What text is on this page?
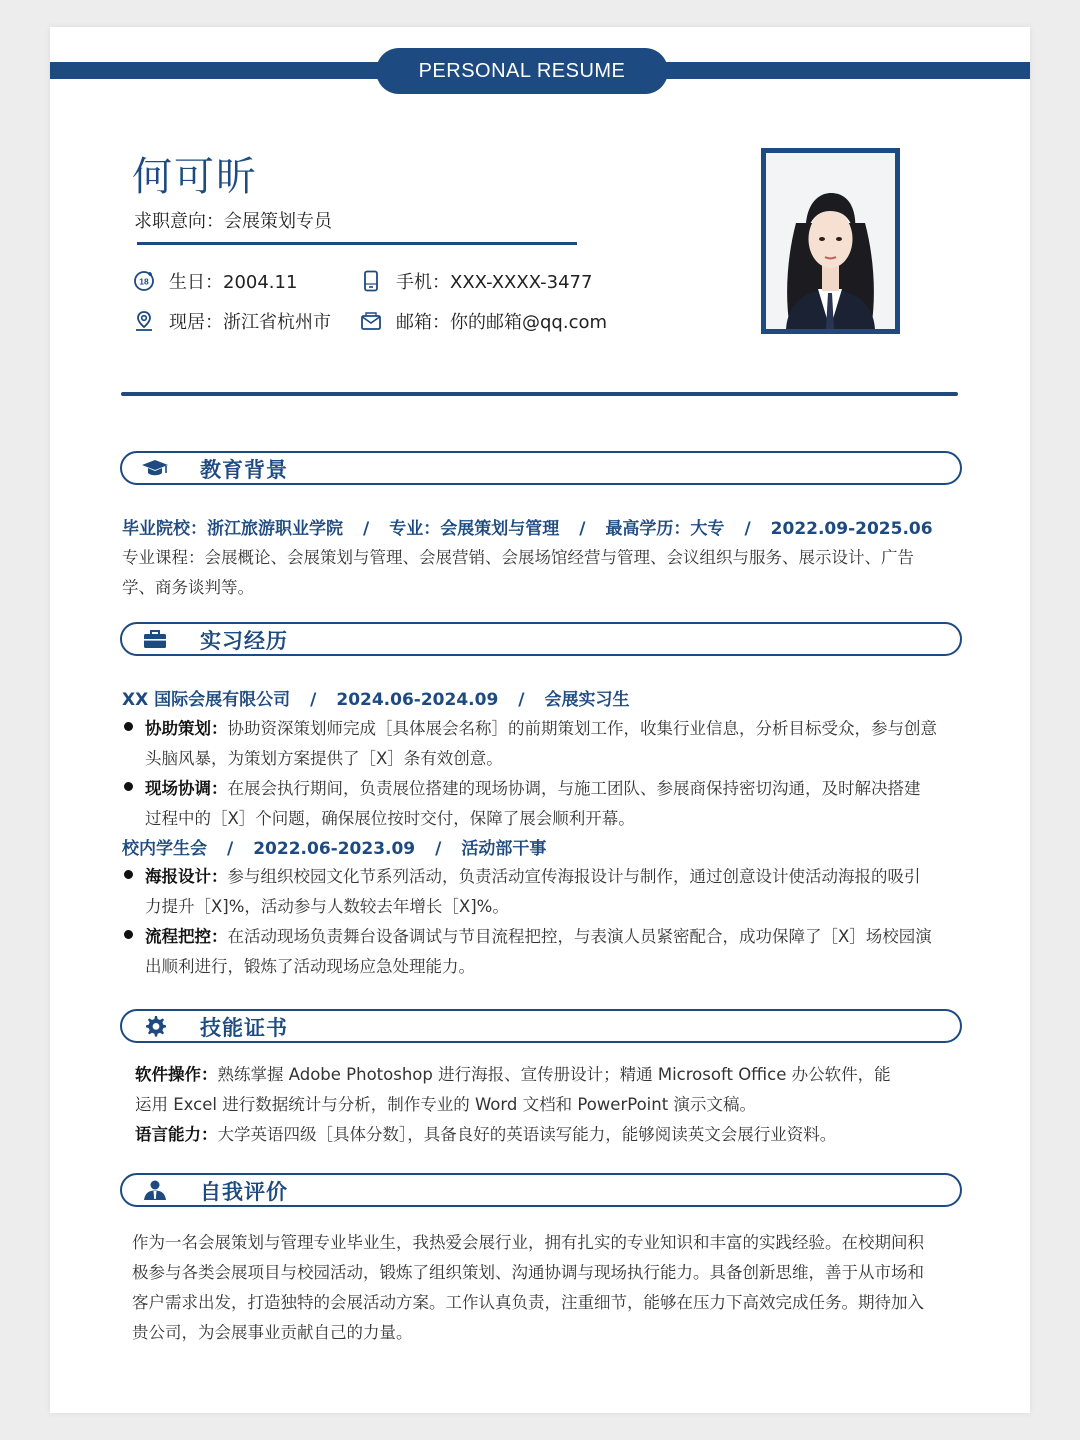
PERSONAL RESUME
何可昕
求职意向：会展策划专员
18 生日：2004.11	手机：XXX-XXXX-3477
现居：浙江省杭州市	邮箱：你的邮箱@qq.com
教育背景
毕业院校：浙江旅游职业学院 / 专业：会展策划与管理 / 最高学历：大专 / 2022.09-2025.06
专业课程：会展概论、会展策划与管理、会展营销、会展场馆经营与管理、会议组织与服务、展示设计、广告
学、商务谈判等。
实习经历
XX 国际会展有限公司 / 2024.06-2024.09 / 会展实习生
协助策划：协助资深策划师完成［具体展会名称］的前期策划工作，收集行业信息，分析目标受众，参与创意
头脑风暴，为策划方案提供了［X］条有效创意。
现场协调：在展会执行期间，负责展位搭建的现场协调，与施工团队、参展商保持密切沟通，及时解决搭建
过程中的［X］个问题，确保展位按时交付，保障了展会顺利开幕。
校内学生会 / 2022.06-2023.09 / 活动部干事
海报设计：参与组织校园文化节系列活动，负责活动宣传海报设计与制作，通过创意设计使活动海报的吸引
力提升［X]%，活动参与人数较去年增长［X]%。
流程把控：在活动现场负责舞台设备调试与节目流程把控，与表演人员紧密配合，成功保障了［X］场校园演
出顺利进行，锻炼了活动现场应急处理能力。
技能证书
软件操作：熟练掌握 Adobe Photoshop 进行海报、宣传册设计；精通 Microsoft Office 办公软件，能
运用 Excel 进行数据统计与分析，制作专业的 Word 文档和 PowerPoint 演示文稿。
语言能力：大学英语四级［具体分数］，具备良好的英语读写能力，能够阅读英文会展行业资料。
自我评价
作为一名会展策划与管理专业毕业生，我热爱会展行业，拥有扎实的专业知识和丰富的实践经验。在校期间积
极参与各类会展项目与校园活动，锻炼了组织策划、沟通协调与现场执行能力。具备创新思维，善于从市场和
客户需求出发，打造独特的会展活动方案。工作认真负责，注重细节，能够在压力下高效完成任务。期待加入
贵公司，为会展事业贡献自己的力量。
